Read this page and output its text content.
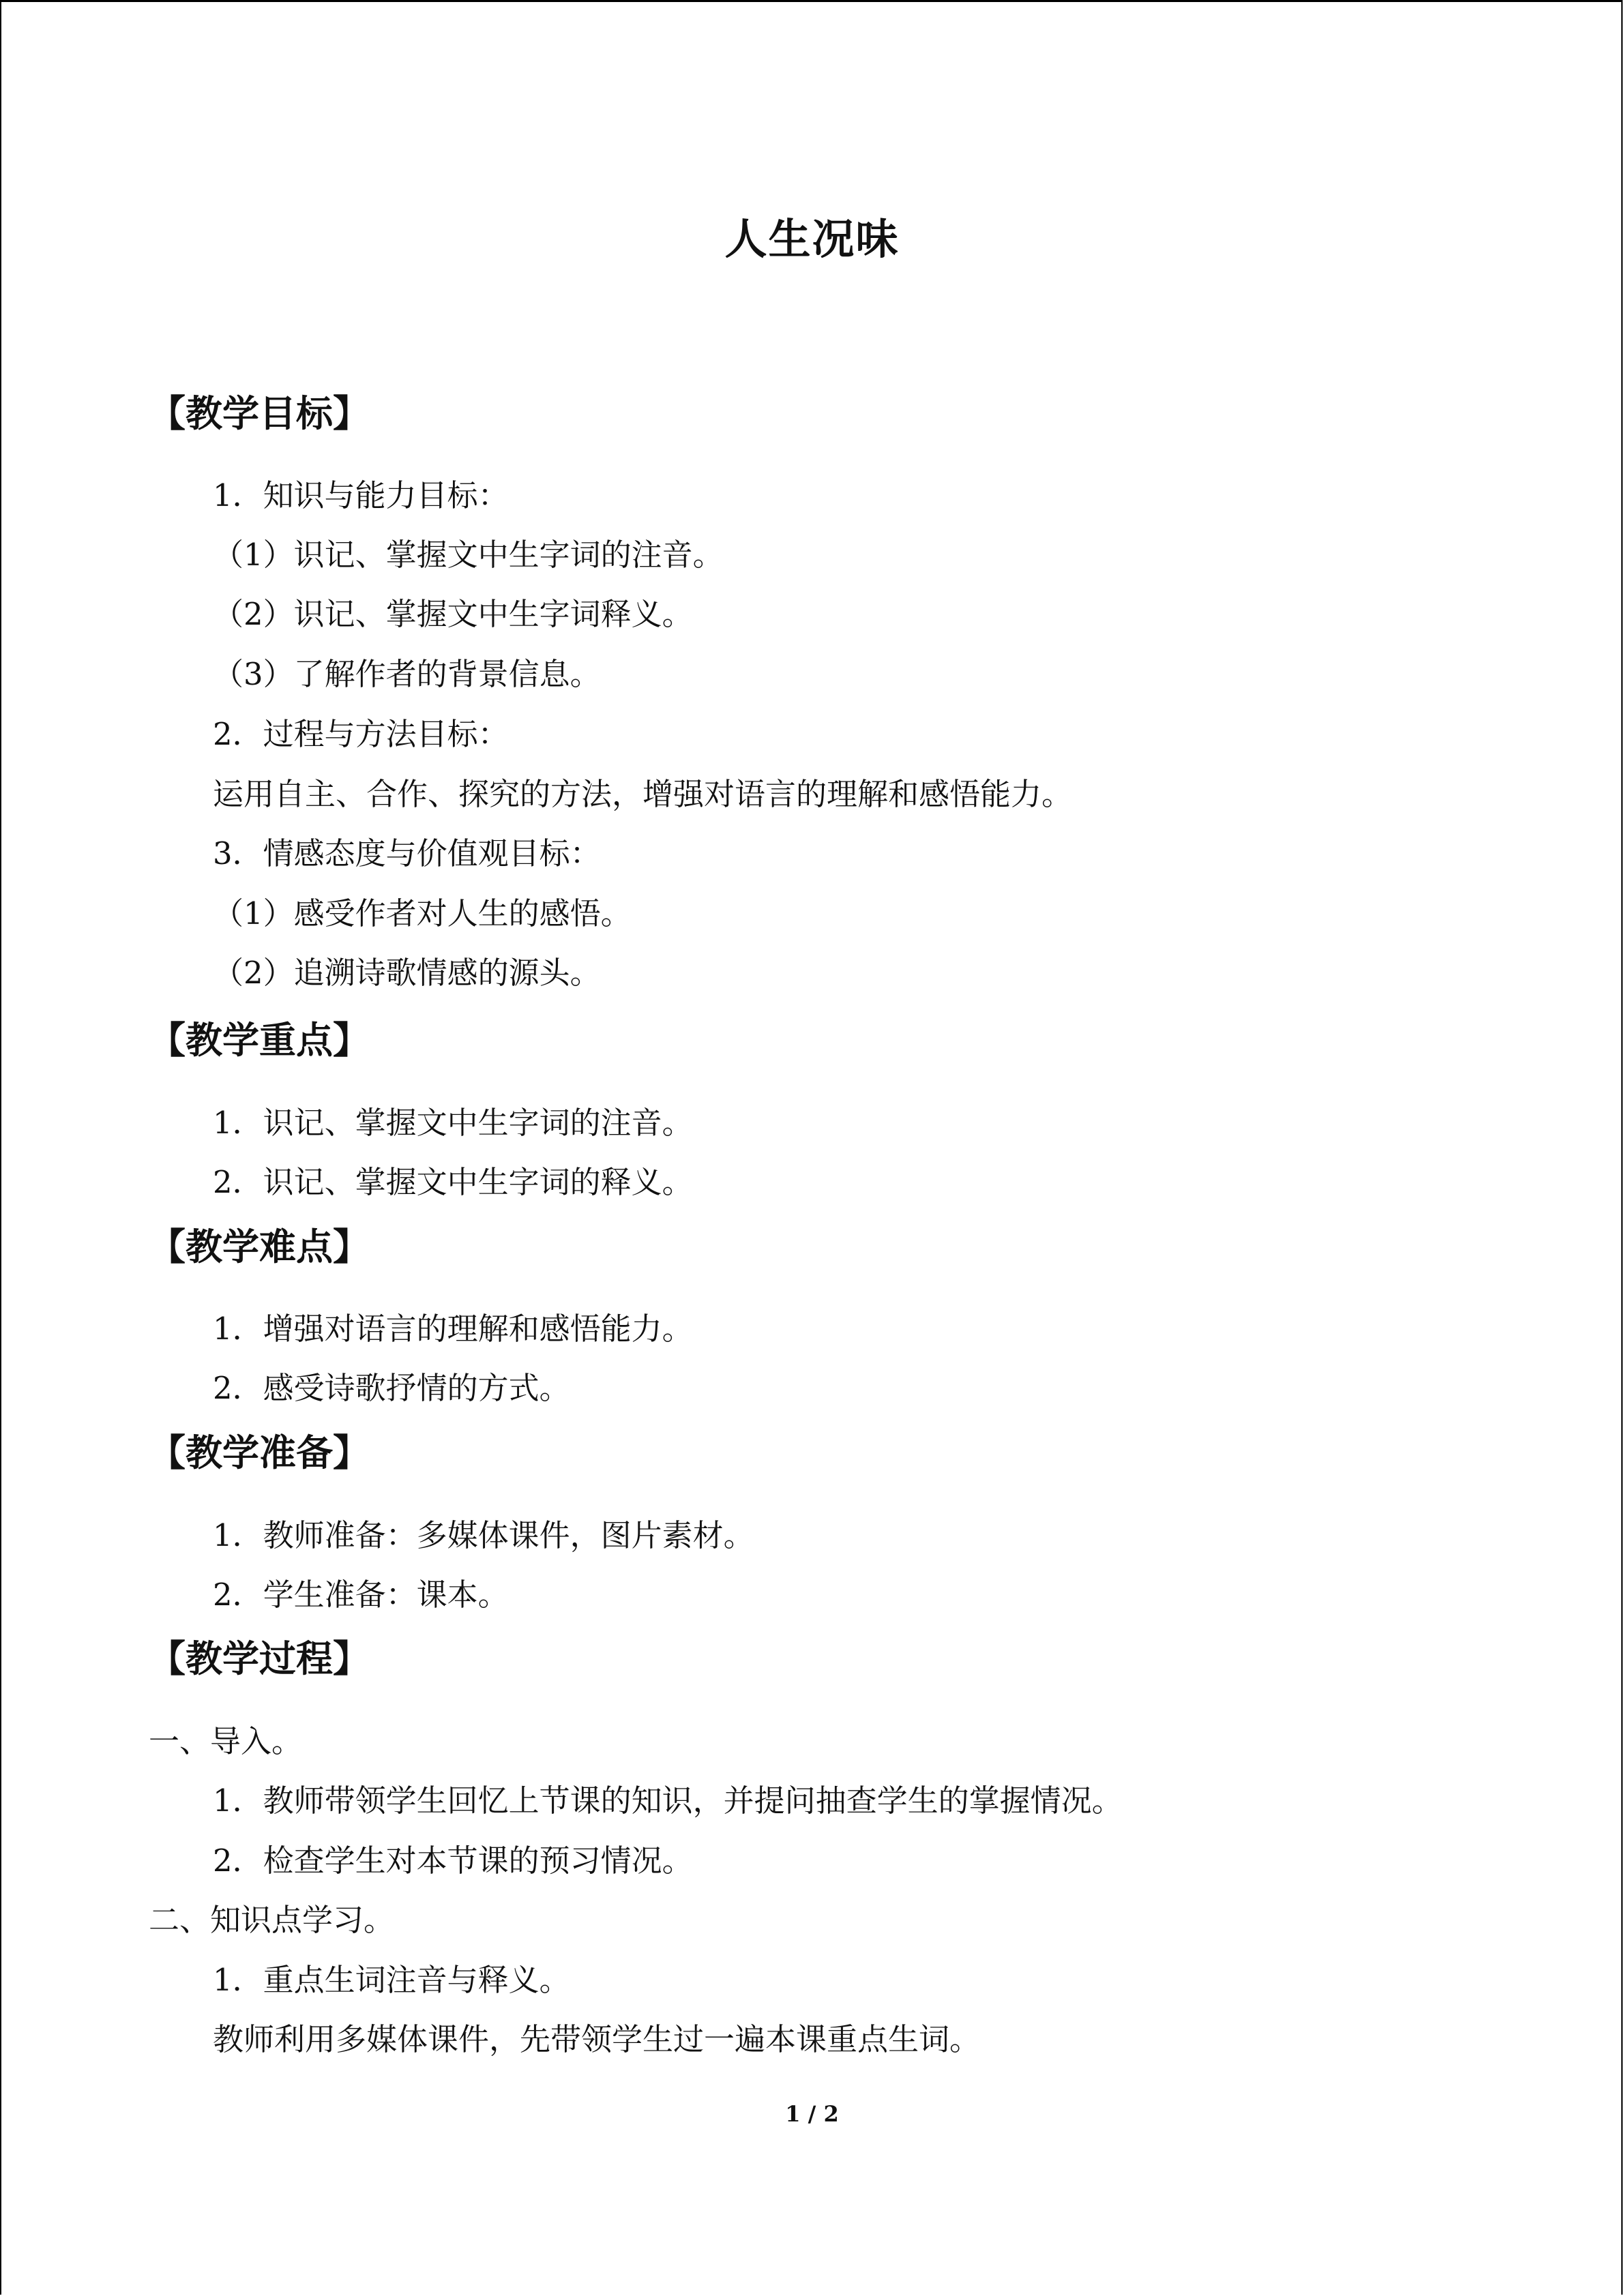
人生况味
【教学目标】
1．知识与能力目标：
（1）识记、掌握文中生字词的注音。
（2）识记、掌握文中生字词释义。
（3）了解作者的背景信息。
2．过程与方法目标：
运用自主、合作、探究的方法，增强对语言的理解和感悟能力。
3．情感态度与价值观目标：
（1）感受作者对人生的感悟。
（2）追溯诗歌情感的源头。
【教学重点】
1．识记、掌握文中生字词的注音。
2．识记、掌握文中生字词的释义。
【教学难点】
1．增强对语言的理解和感悟能力。
2．感受诗歌抒情的方式。
【教学准备】
1．教师准备：多媒体课件，图片素材。
2．学生准备：课本。
【教学过程】
一、导入。
1．教师带领学生回忆上节课的知识，并提问抽查学生的掌握情况。
2．检查学生对本节课的预习情况。
二、知识点学习。
1．重点生词注音与释义。
教师利用多媒体课件，先带领学生过一遍本课重点生词。
1 / 2
